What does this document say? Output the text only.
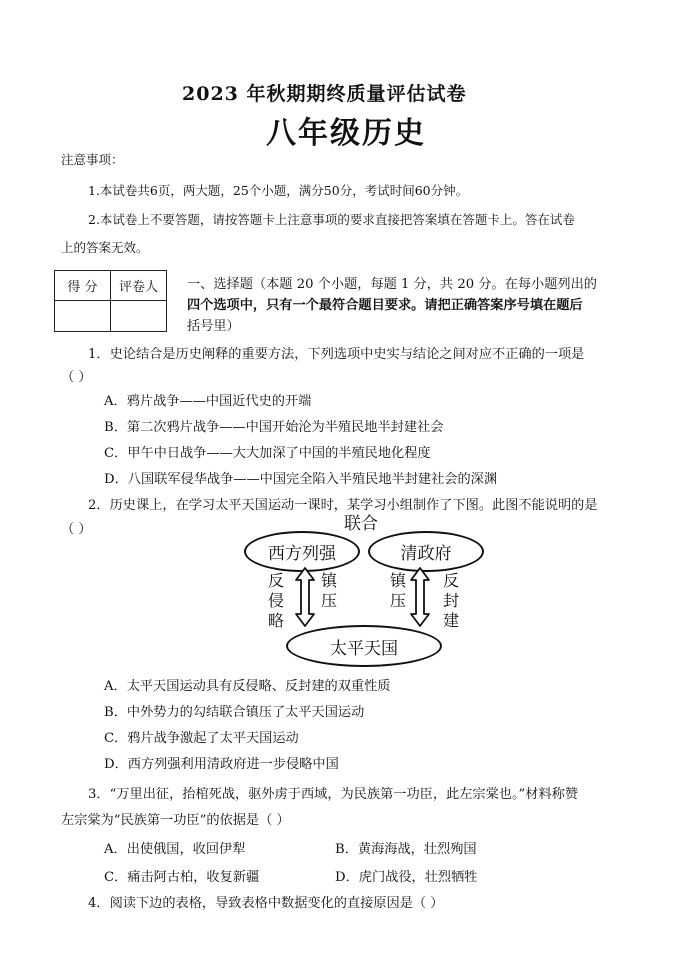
2023 年秋期期终质量评估试卷
八年级历史
注意事项：
1.本试卷共6页，两大题，25个小题，满分50分，考试时间60分钟。
2.本试卷上不要答题，请按答题卡上注意事项的要求直接把答案填在答题卡上。答在试卷
上的答案无效。
得 分	评卷人
	一、选择题（本题 20 个小题，每题 1 分，共 20 分。在每小题列出的
四个选项中，只有一个最符合题目要求。请把正确答案序号填在题后
括号里）
1．史论结合是历史阐释的重要方法，下列选项中史实与结论之间对应不正确的一项是
（ ）
A．鸦片战争——中国近代史的开端
B．第二次鸦片战争——中国开始沦为半殖民地半封建社会
C．甲午中日战争——大大加深了中国的半殖民地化程度
D．八国联军侵华战争——中国完全陷入半殖民地半封建社会的深渊
2．历史课上，在学习太平天国运动一课时，某学习小组制作了下图。此图不能说明的是
（ ）	联合
西方列强	清政府
太平天国
反侵略
镇压
镇压
反封建
A．太平天国运动具有反侵略、反封建的双重性质
B．中外势力的勾结联合镇压了太平天国运动
C．鸦片战争激起了太平天国运动
D．西方列强利用清政府进一步侵略中国
3．“万里出征，抬棺死战，驱外虏于西域，为民族第一功臣，此左宗棠也。”材料称赞
左宗棠为“民族第一功臣”的依据是（ ）
A．出使俄国，收回伊犁	B．黄海海战，壮烈殉国
C．痛击阿古柏，收复新疆	D．虎门战役，壮烈牺牲
4．阅读下边的表格，导致表格中数据变化的直接原因是（ ）
